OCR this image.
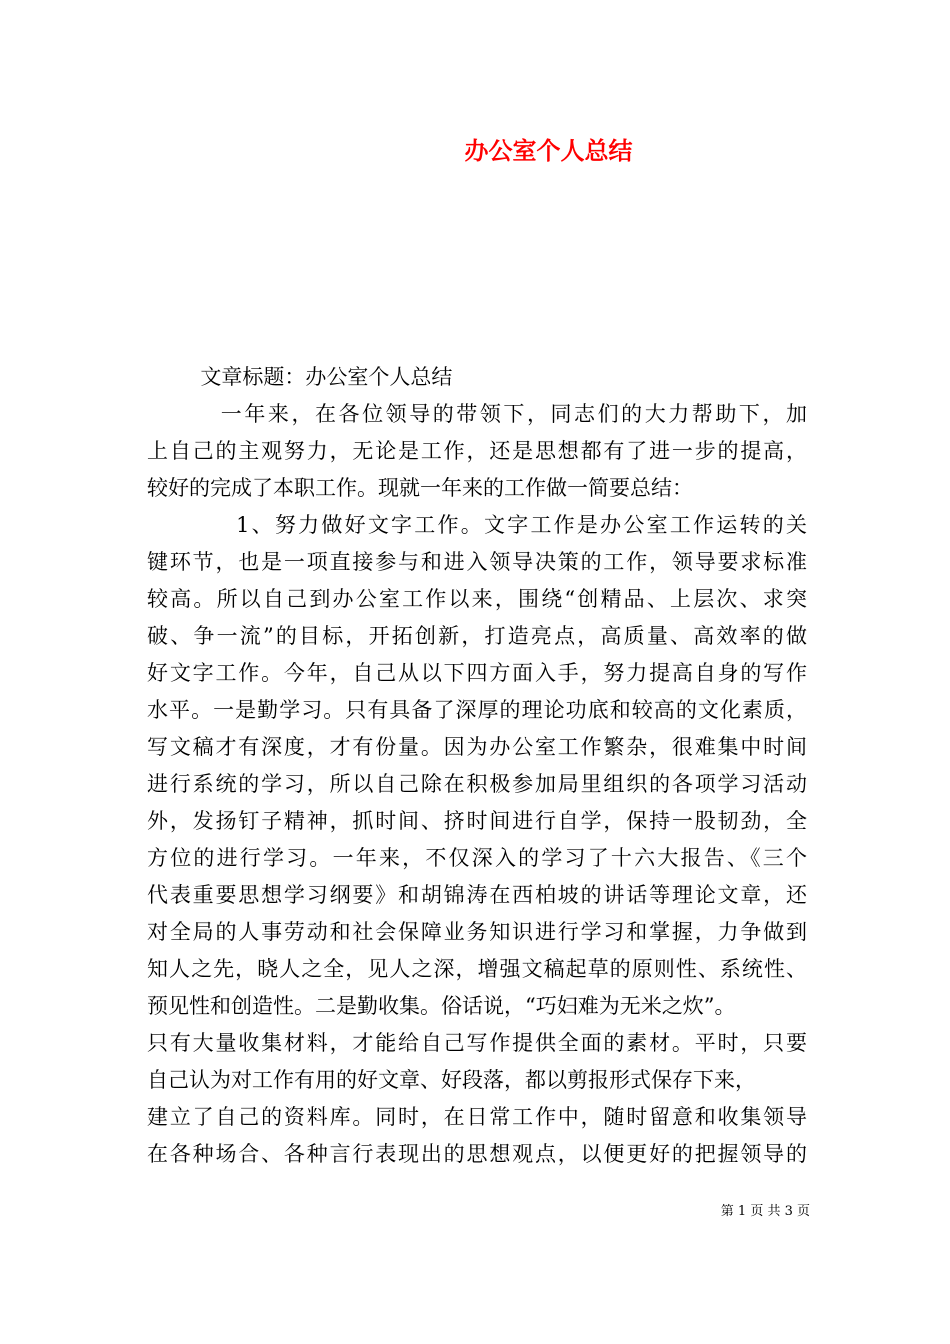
办公室个人总结
文章标题：办公室个人总结
一年来，在各位领导的带领下，同志们的大力帮助下，加
上自己的主观努力，无论是工作，还是思想都有了进一步的提高，
较好的完成了本职工作。现就一年来的工作做一简要总结：
1、努力做好文字工作。文字工作是办公室工作运转的关
键环节，也是一项直接参与和进入领导决策的工作，领导要求标准
较高。所以自己到办公室工作以来，围绕“创精品、上层次、求突
破、争一流”的目标，开拓创新，打造亮点，高质量、高效率的做
好文字工作。今年，自己从以下四方面入手，努力提高自身的写作
水平。一是勤学习。只有具备了深厚的理论功底和较高的文化素质，
写文稿才有深度，才有份量。因为办公室工作繁杂，很难集中时间
进行系统的学习，所以自己除在积极参加局里组织的各项学习活动
外，发扬钉子精神，抓时间、挤时间进行自学，保持一股韧劲，全
方位的进行学习。一年来，不仅深入的学习了十六大报告、《三个
代表重要思想学习纲要》和胡锦涛在西柏坡的讲话等理论文章，还
对全局的人事劳动和社会保障业务知识进行学习和掌握，力争做到
知人之先，晓人之全，见人之深，增强文稿起草的原则性、系统性、
预见性和创造性。二是勤收集。俗话说，“巧妇难为无米之炊”。
只有大量收集材料，才能给自己写作提供全面的素材。平时，只要
自己认为对工作有用的好文章、好段落，都以剪报形式保存下来，
建立了自己的资料库。同时，在日常工作中，随时留意和收集领导
在各种场合、各种言行表现出的思想观点，以便更好的把握领导的
第 1 页 共 3 页
